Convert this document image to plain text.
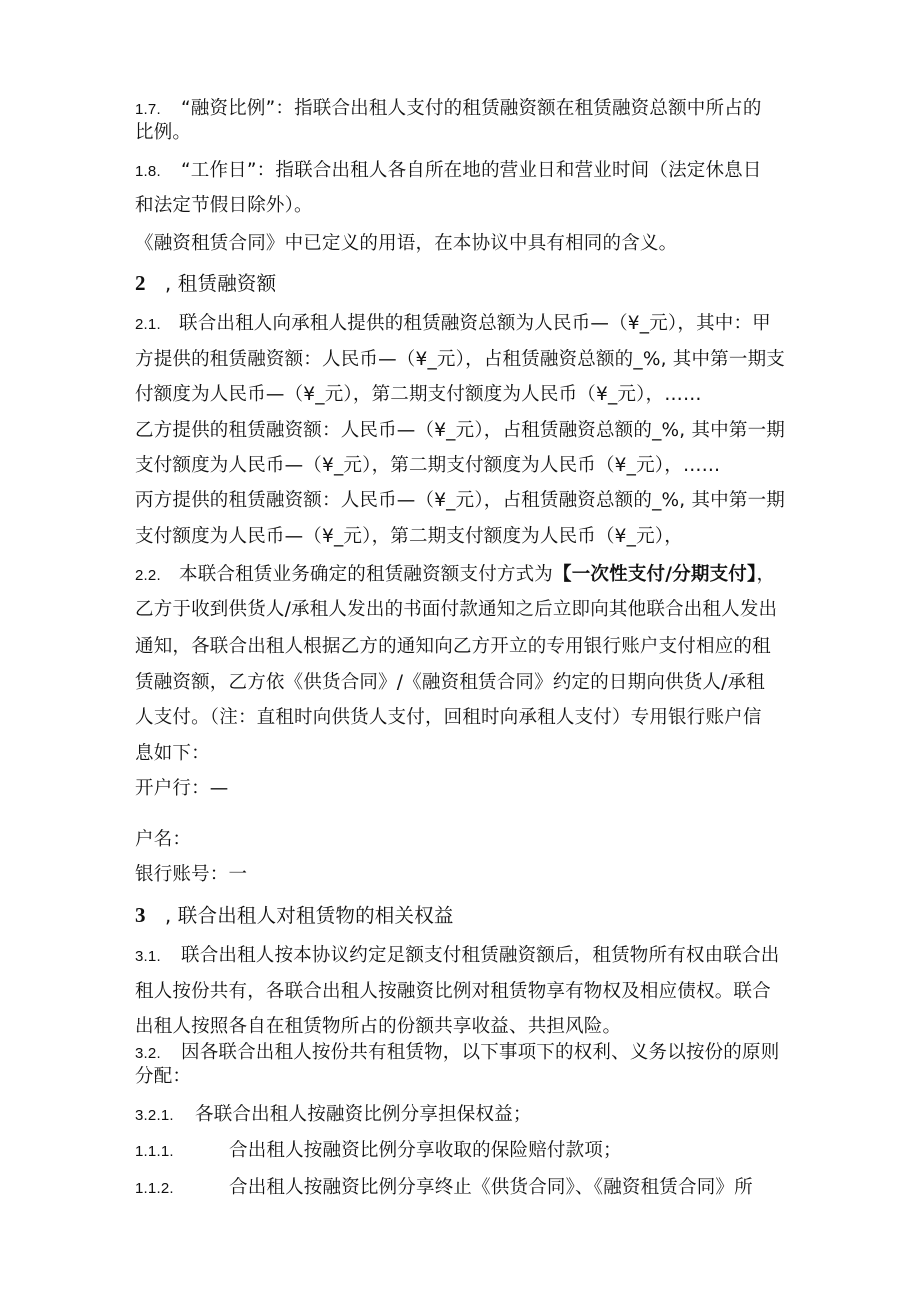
1.7. “融资比例”：指联合出租人支付的租赁融资额在租赁融资总额中所占的
比例。
1.8. “工作日”：指联合出租人各自所在地的营业日和营业时间（法定休息日
和法定节假日除外）。
《融资租赁合同》中已定义的用语，在本协议中具有相同的含义。
2 , 租赁融资额
2.1. 联合出租人向承租人提供的租赁融资总额为人民币—（¥_元），其中：甲
方提供的租赁融资额：人民币—（¥_元），占租赁融资总额的_%, 其中第一期支
付额度为人民币—（¥_元），第二期支付额度为人民币（¥_元），……
乙方提供的租赁融资额：人民币—（¥_元），占租赁融资总额的_%, 其中第一期
支付额度为人民币—（¥_元），第二期支付额度为人民币（¥_元），……
丙方提供的租赁融资额：人民币—（¥_元），占租赁融资总额的_%, 其中第一期
支付额度为人民币—（¥_元），第二期支付额度为人民币（¥_元），
2.2. 本联合租赁业务确定的租赁融资额支付方式为【一次性支付/分期支付】，
乙方于收到供货人/承租人发出的书面付款通知之后立即向其他联合出租人发出
通知，各联合出租人根据乙方的通知向乙方开立的专用银行账户支付相应的租
赁融资额，乙方依《供货合同》/《融资租赁合同》约定的日期向供货人/承租
人支付。（注：直租时向供货人支付，回租时向承租人支付）专用银行账户信
息如下：
开户行：—
户名：
银行账号：一
3 , 联合出租人对租赁物的相关权益
3.1. 联合出租人按本协议约定足额支付租赁融资额后，租赁物所有权由联合出
租人按份共有，各联合出租人按融资比例对租赁物享有物权及相应债权。联合
出租人按照各自在租赁物所占的份额共享收益、共担风险。
3.2. 因各联合出租人按份共有租赁物，以下事项下的权利、义务以按份的原则
分配：
3.2.1. 各联合出租人按融资比例分享担保权益；
1.1.1.	合出租人按融资比例分享收取的保险赔付款项；
1.1.2.	合出租人按融资比例分享终止《供货合同》、《融资租赁合同》所
